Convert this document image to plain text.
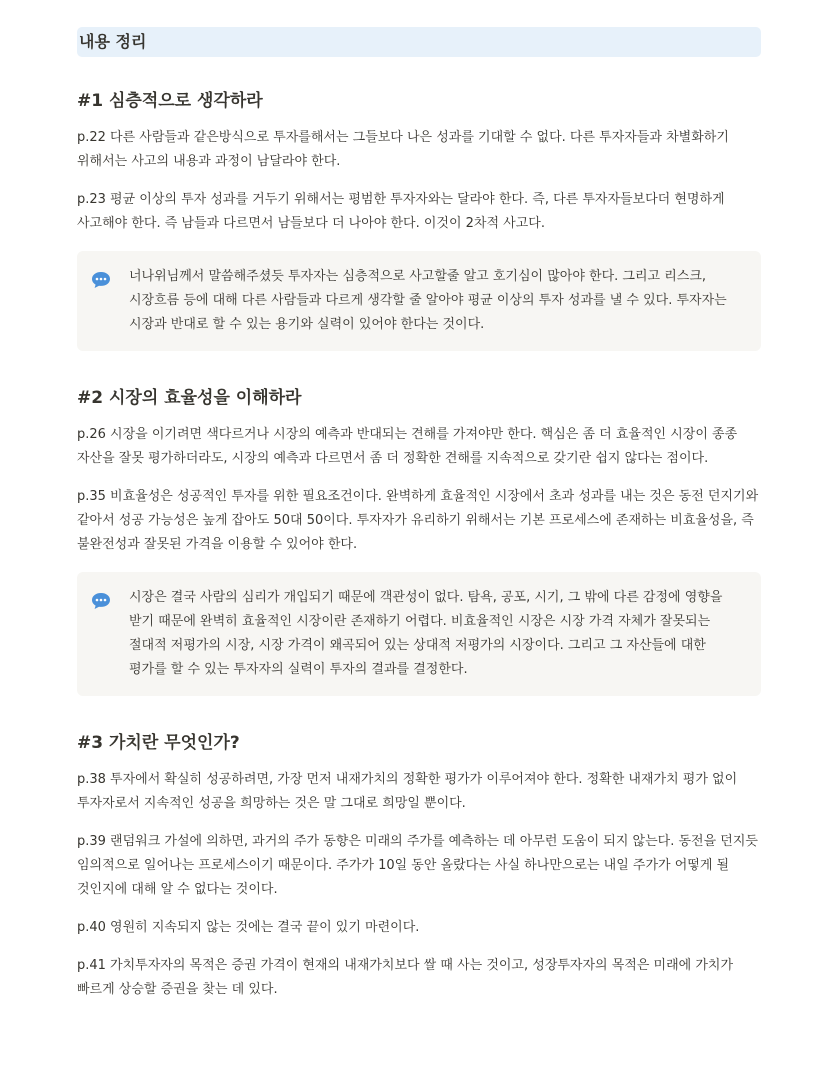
내용 정리
#1 심층적으로 생각하라

p.22 다른 사람들과 같은방식으로 투자를해서는 그들보다 나은 성과를 기대할 수 없다. 다른 투자자들과 차별화하기 위해서는 사고의 내용과 과정이 남달라야 한다.

p.23 평균 이상의 투자 성과를 거두기 위해서는 평범한 투자자와는 달라야 한다. 즉, 다른 투자자들보다더 현명하게 사고해야 한다. 즉 남들과 다르면서 남들보다 더 나아야 한다. 이것이 2차적 사고다.

너나위님께서 말씀해주셨듯 투자자는 심층적으로 사고할줄 알고 호기심이 많아야 한다. 그리고 리스크, 시장흐름 등에 대해 다른 사람들과 다르게 생각할 줄 알아야 평균 이상의 투자 성과를 낼 수 있다. 투자자는 시장과 반대로 할 수 있는 용기와 실력이 있어야 한다는 것이다.

#2 시장의 효율성을 이해하라

p.26 시장을 이기려면 색다르거나 시장의 예측과 반대되는 견해를 가져야만 한다. 핵심은 좀 더 효율적인 시장이 종종 자산을 잘못 평가하더라도, 시장의 예측과 다르면서 좀 더 정확한 견해를 지속적으로 갖기란 쉽지 않다는 점이다.

p.35 비효율성은 성공적인 투자를 위한 필요조건이다. 완벽하게 효율적인 시장에서 초과 성과를 내는 것은 동전 던지기와 같아서 성공 가능성은 높게 잡아도 50대 50이다. 투자자가 유리하기 위해서는 기본 프로세스에 존재하는 비효율성을, 즉 불완전성과 잘못된 가격을 이용할 수 있어야 한다.

시장은 결국 사람의 심리가 개입되기 때문에 객관성이 없다. 탐욕, 공포, 시기, 그 밖에 다른 감정에 영향을 받기 때문에 완벽히 효율적인 시장이란 존재하기 어렵다. 비효율적인 시장은 시장 가격 자체가 잘못되는 절대적 저평가의 시장, 시장 가격이 왜곡되어 있는 상대적 저평가의 시장이다. 그리고 그 자산들에 대한 평가를 할 수 있는 투자자의 실력이 투자의 결과를 결정한다.

#3 가치란 무엇인가?

p.38 투자에서 확실히 성공하려면, 가장 먼저 내재가치의 정확한 평가가 이루어져야 한다. 정확한 내재가치 평가 없이 투자자로서 지속적인 성공을 희망하는 것은 말 그대로 희망일 뿐이다.

p.39 랜덤워크 가설에 의하면, 과거의 주가 동향은 미래의 주가를 예측하는 데 아무런 도움이 되지 않는다. 동전을 던지듯 임의적으로 일어나는 프로세스이기 때문이다. 주가가 10일 동안 올랐다는 사실 하나만으로는 내일 주가가 어떻게 될 것인지에 대해 알 수 없다는 것이다.

p.40 영원히 지속되지 않는 것에는 결국 끝이 있기 마련이다.

p.41 가치투자자의 목적은 증권 가격이 현재의 내재가치보다 쌀 때 사는 것이고, 성장투자자의 목적은 미래에 가치가 빠르게 상승할 증권을 찾는 데 있다.
